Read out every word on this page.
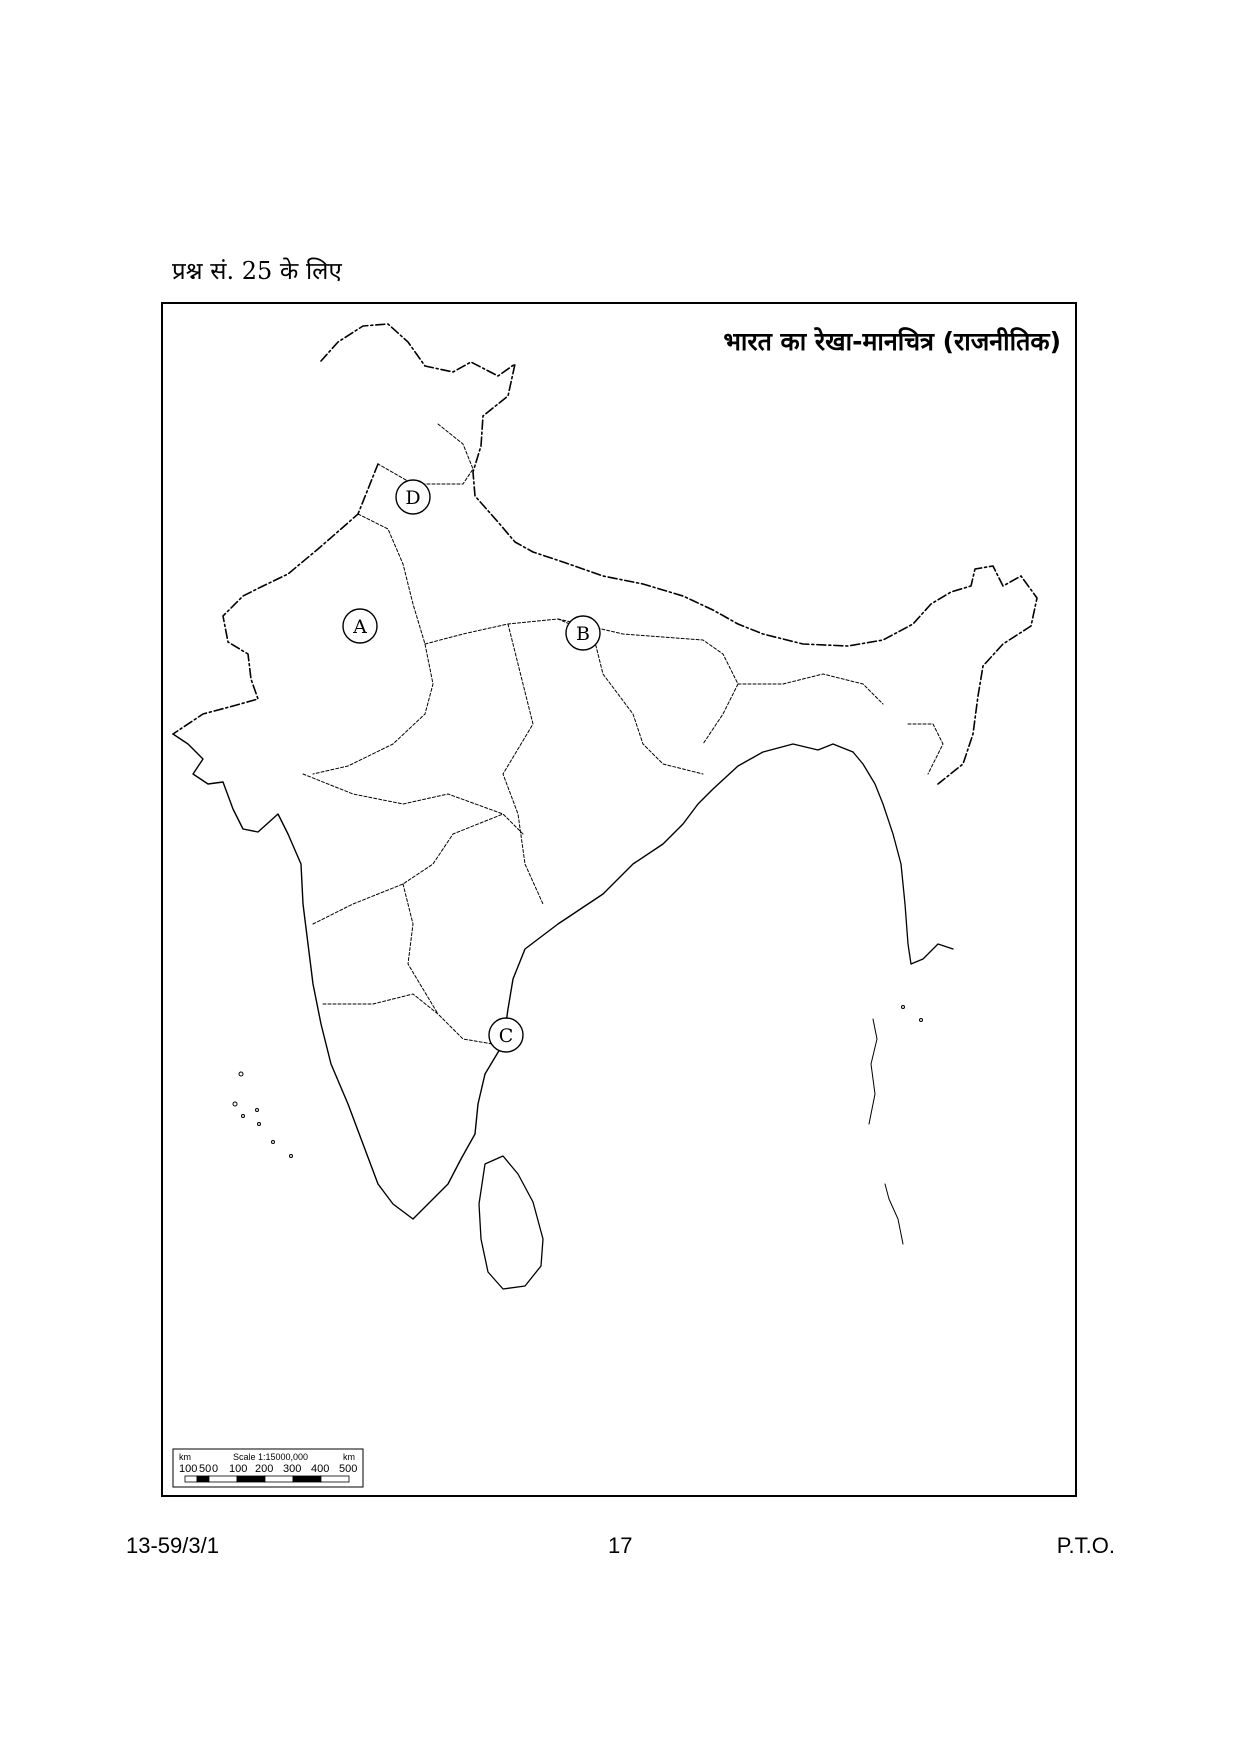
प्रश्न सं. 25 के लिए
भारत का रेखा-मानचित्र (राजनीतिक)
A	B
C
D
km	Scale 1:15000,000	km
100 50 0 100 200 300 400 500
13-59/3/1	17	P.T.O.
